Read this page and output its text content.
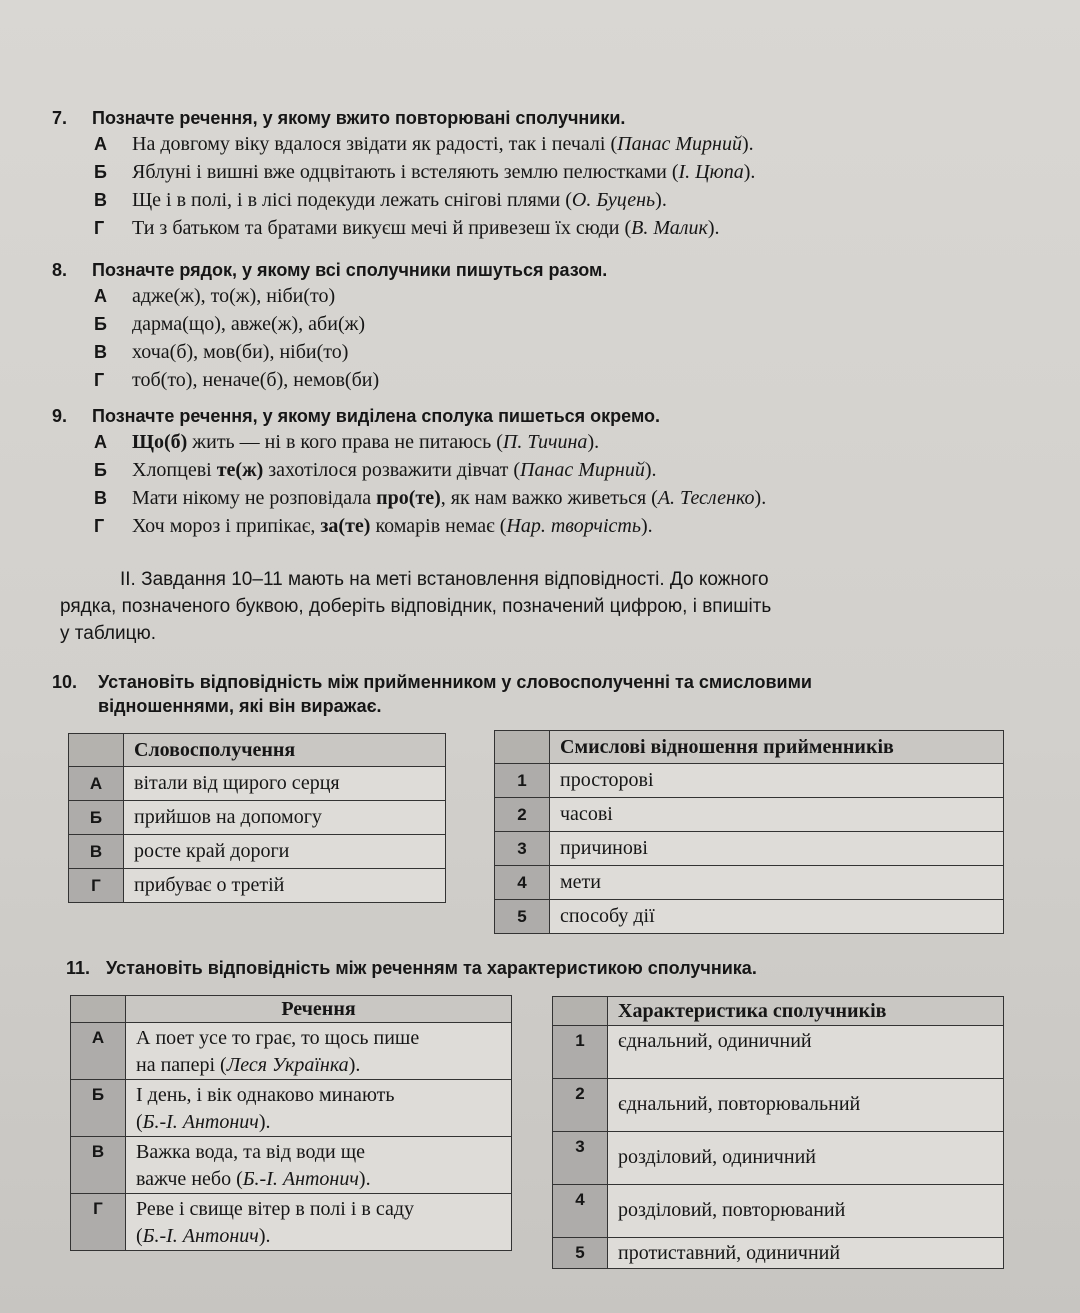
7. Позначте речення, у якому вжито повторювані сполучники.
А	На довгому віку вдалося звідати як радості, так і печалі (Панас Мирний).
Б	Яблуні і вишні вже одцвітають і встеляють землю пелюстками (І. Цюпа).
В	Ще і в полі, і в лісі подекуди лежать снігові плями (О. Буцень).
Г	Ти з батьком та братами викуєш мечі й привезеш їх сюди (В. Малик).
8. Позначте рядок, у якому всі сполучники пишуться разом.
А	адже(ж), то(ж), ніби(то)
Б	дарма(що), авже(ж), аби(ж)
В	хоча(б), мов(би), ніби(то)
Г	тоб(то), неначе(б), немов(би)
9. Позначте речення, у якому виділена сполука пишеться окремо.
А	Що(б) жить — ні в кого права не питаюсь (П. Тичина).
Б	Хлопцеві те(ж) захотілося розважити дівчат (Панас Мирний).
В	Мати нікому не розповідала про(те), як нам важко живеться (А. Тесленко).
Г	Хоч мороз і припікає, за(те) комарів немає (Нар. творчість).
II. Завдання 10–11 мають на меті встановлення відповідності. До кожного
рядка, позначеного буквою, доберіть відповідник, позначений цифрою, і впишіть
у таблицю.
10. Установіть відповідність між прийменником у словосполученні та смисловими
відношеннями, які він виражає.
	Словосполучення
А	вітали від щирого серця
Б	прийшов на допомогу
В	росте край дороги
Г	прибуває о третій
	Смислові відношення прийменників
1	просторові
2	часові
3	причинові
4	мети
5	способу дії
11. Установіть відповідність між реченням та характеристикою сполучника.
	Речення
А	А поет усе то грає, то щось пише
на папері (Леся Українка).
Б	І день, і вік однаково минають
(Б.-І. Антонич).
В	Важка вода, та від води ще
важче небо (Б.-І. Антонич).
Г	Реве і свище вітер в полі і в саду
(Б.-І. Антонич).
	Характеристика сполучників
1	єднальний, одиничний
2	єднальний, повторювальний
3	розділовий, одиничний
4	розділовий, повторюваний
5	протиставний, одиничний
